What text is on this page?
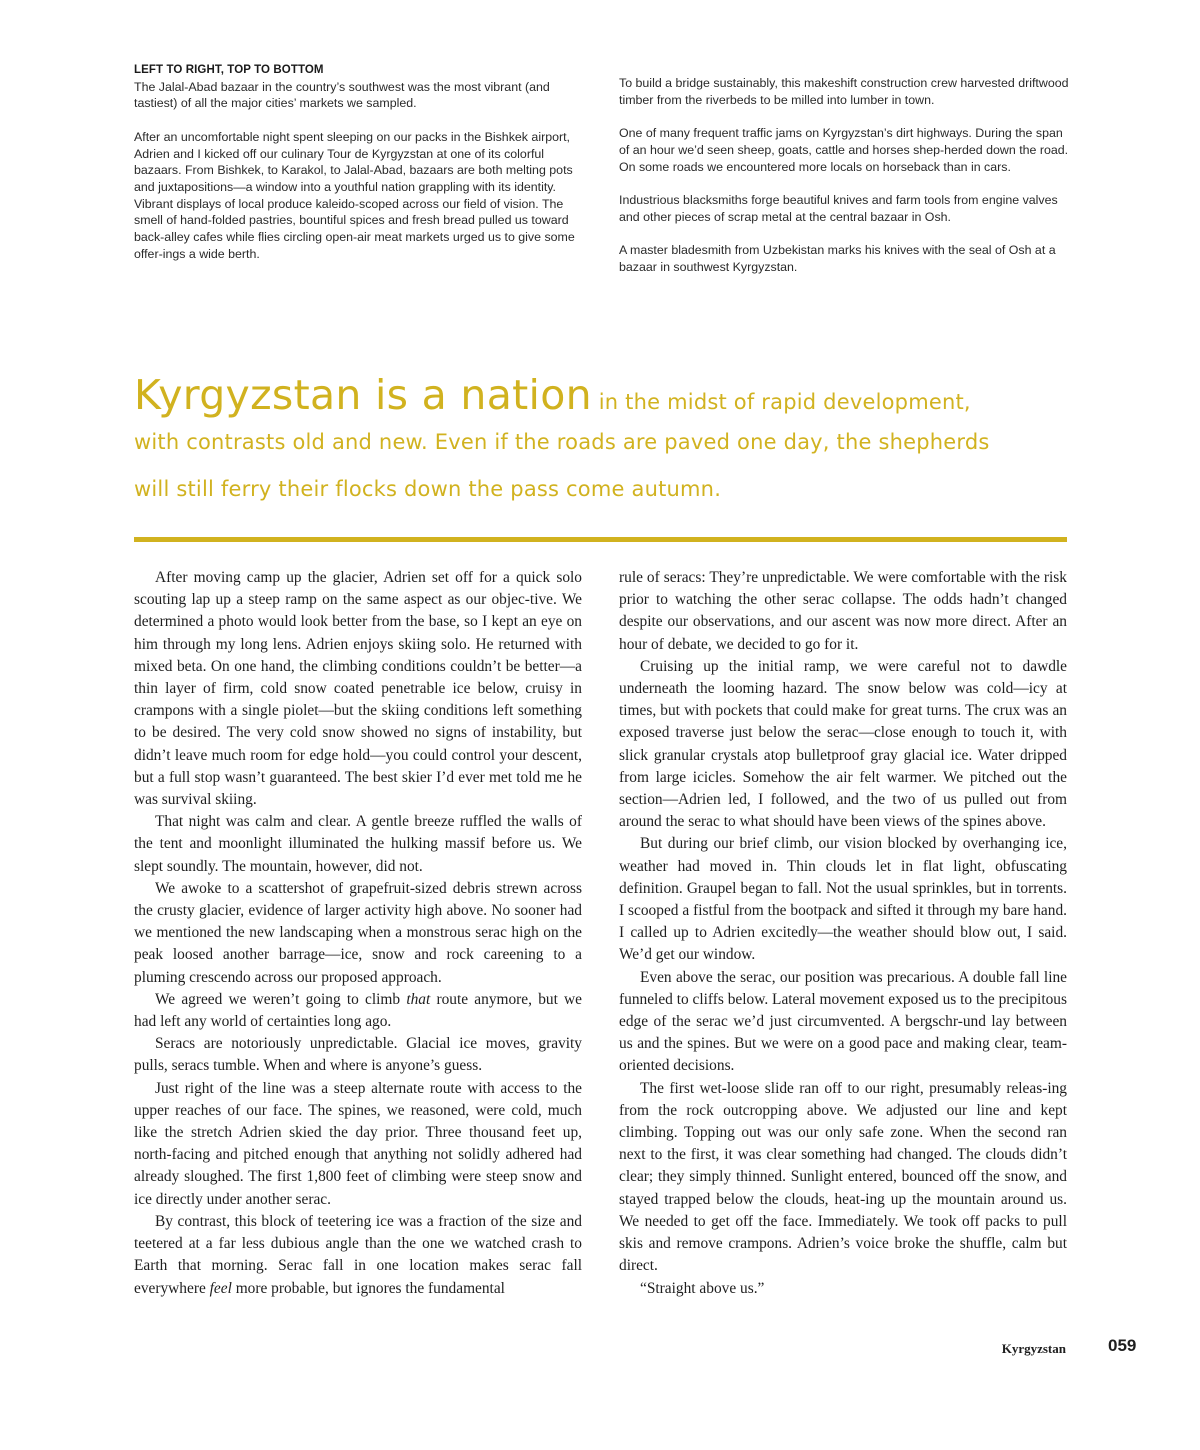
LEFT TO RIGHT, TOP TO BOTTOM

The Jalal-Abad bazaar in the country’s southwest was the most vibrant (and tastiest) of all the major cities’ markets we sampled.

After an uncomfortable night spent sleeping on our packs in the Bishkek airport, Adrien and I kicked off our culinary Tour de Kyrgyzstan at one of its colorful bazaars. From Bishkek, to Karakol, to Jalal-Abad, bazaars are both melting pots and juxtapositions—a window into a youthful nation grappling with its identity. Vibrant displays of local produce kaleido-scoped across our field of vision. The smell of hand-folded pastries, bountiful spices and fresh bread pulled us toward back-alley cafes while flies circling open-air meat markets urged us to give some offer-ings a wide berth.

To build a bridge sustainably, this makeshift construction crew harvested driftwood timber from the riverbeds to be milled into lumber in town.

One of many frequent traffic jams on Kyrgyzstan’s dirt highways. During the span of an hour we’d seen sheep, goats, cattle and horses shep-herded down the road. On some roads we encountered more locals on horseback than in cars.

Industrious blacksmiths forge beautiful knives and farm tools from engine valves and other pieces of scrap metal at the central bazaar in Osh.

A master bladesmith from Uzbekistan marks his knives with the seal of Osh at a bazaar in southwest Kyrgyzstan.

Kyrgyzstan is a nation in the midst of rapid development,
with contrasts old and new. Even if the roads are paved one day, the shepherds
will still ferry their flocks down the pass come autumn.

After moving camp up the glacier, Adrien set off for a quick solo scouting lap up a steep ramp on the same aspect as our objec-tive. We determined a photo would look better from the base, so I kept an eye on him through my long lens. Adrien enjoys skiing solo. He returned with mixed beta. On one hand, the climbing conditions couldn’t be better—a thin layer of firm, cold snow coated penetrable ice below, cruisy in crampons with a single piolet—but the skiing conditions left something to be desired. The very cold snow showed no signs of instability, but didn’t leave much room for edge hold—you could control your descent, but a full stop wasn’t guaranteed. The best skier I’d ever met told me he was survival skiing.

That night was calm and clear. A gentle breeze ruffled the walls of the tent and moonlight illuminated the hulking massif before us. We slept soundly. The mountain, however, did not.

We awoke to a scattershot of grapefruit-sized debris strewn across the crusty glacier, evidence of larger activity high above. No sooner had we mentioned the new landscaping when a monstrous serac high on the peak loosed another barrage—ice, snow and rock careening to a pluming crescendo across our proposed approach.

We agreed we weren’t going to climb that route anymore, but we had left any world of certainties long ago.

Seracs are notoriously unpredictable. Glacial ice moves, gravity pulls, seracs tumble. When and where is anyone’s guess.

Just right of the line was a steep alternate route with access to the upper reaches of our face. The spines, we reasoned, were cold, much like the stretch Adrien skied the day prior. Three thousand feet up, north-facing and pitched enough that anything not solidly adhered had already sloughed. The first 1,800 feet of climbing were steep snow and ice directly under another serac.

By contrast, this block of teetering ice was a fraction of the size and teetered at a far less dubious angle than the one we watched crash to Earth that morning. Serac fall in one location makes serac fall everywhere feel more probable, but ignores the fundamental

rule of seracs: They’re unpredictable. We were comfortable with the risk prior to watching the other serac collapse. The odds hadn’t changed despite our observations, and our ascent was now more direct. After an hour of debate, we decided to go for it.

Cruising up the initial ramp, we were careful not to dawdle underneath the looming hazard. The snow below was cold—icy at times, but with pockets that could make for great turns. The crux was an exposed traverse just below the serac—close enough to touch it, with slick granular crystals atop bulletproof gray glacial ice. Water dripped from large icicles. Somehow the air felt warmer. We pitched out the section—Adrien led, I followed, and the two of us pulled out from around the serac to what should have been views of the spines above.

But during our brief climb, our vision blocked by overhanging ice, weather had moved in. Thin clouds let in flat light, obfuscating definition. Graupel began to fall. Not the usual sprinkles, but in torrents. I scooped a fistful from the bootpack and sifted it through my bare hand. I called up to Adrien excitedly—the weather should blow out, I said. We’d get our window.

Even above the serac, our position was precarious. A double fall line funneled to cliffs below. Lateral movement exposed us to the precipitous edge of the serac we’d just circumvented. A bergschr-und lay between us and the spines. But we were on a good pace and making clear, team-oriented decisions.

The first wet-loose slide ran off to our right, presumably releas-ing from the rock outcropping above. We adjusted our line and kept climbing. Topping out was our only safe zone. When the second ran next to the first, it was clear something had changed. The clouds didn’t clear; they simply thinned. Sunlight entered, bounced off the snow, and stayed trapped below the clouds, heat-ing up the mountain around us. We needed to get off the face. Immediately. We took off packs to pull skis and remove crampons. Adrien’s voice broke the shuffle, calm but direct.

“Straight above us.”

Kyrgyzstan 059
